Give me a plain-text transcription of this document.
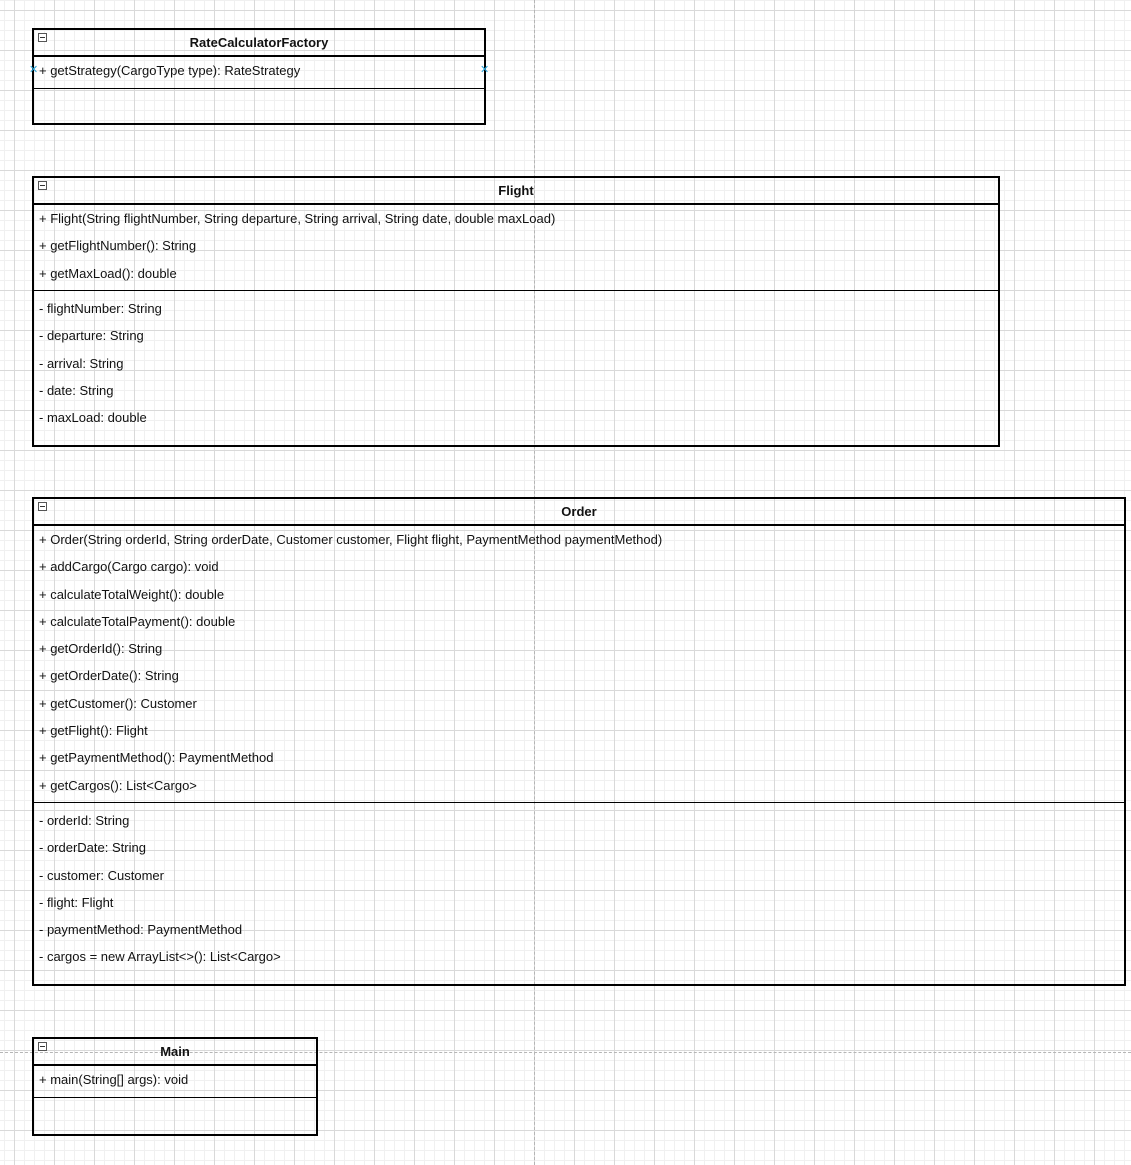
RateCalculatorFactory
+ getStrategy(CargoType type): RateStrategy
✕	✕
Flight
+ Flight(String flightNumber, String departure, String arrival, String date, double maxLoad)
+ getFlightNumber(): String
+ getMaxLoad(): double
- flightNumber: String
- departure: String
- arrival: String
- date: String
- maxLoad: double
Order
+ Order(String orderId, String orderDate, Customer customer, Flight flight, PaymentMethod paymentMethod)
+ addCargo(Cargo cargo): void
+ calculateTotalWeight(): double
+ calculateTotalPayment(): double
+ getOrderId(): String
+ getOrderDate(): String
+ getCustomer(): Customer
+ getFlight(): Flight
+ getPaymentMethod(): PaymentMethod
+ getCargos(): List<Cargo>
- orderId: String
- orderDate: String
- customer: Customer
- flight: Flight
- paymentMethod: PaymentMethod
- cargos = new ArrayList<>(): List<Cargo>
Main
+ main(String[] args): void
